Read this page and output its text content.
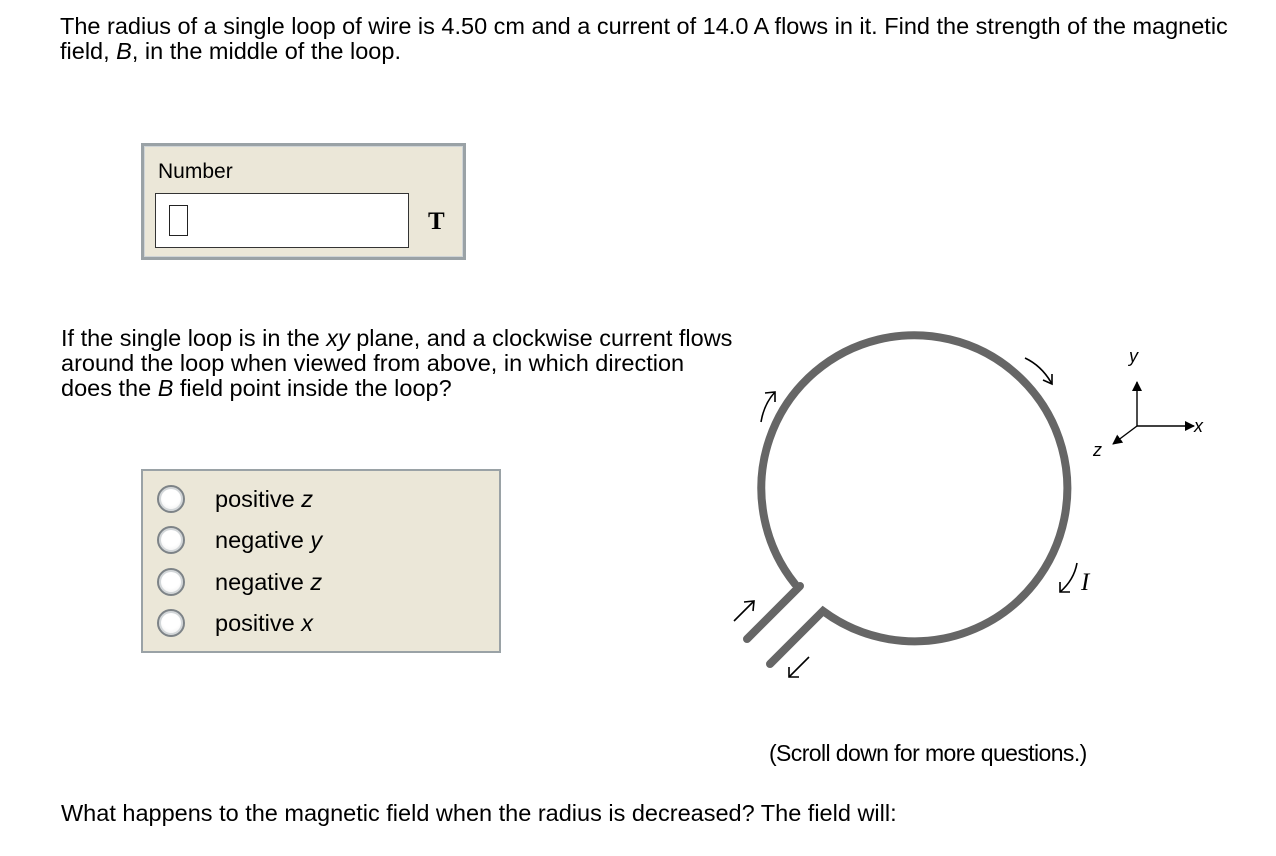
The radius of a single loop of wire is 4.50 cm and a current of 14.0 A flows in it. Find the strength of the magnetic field, B, in the middle of the loop.
Number
T
If the single loop is in the xy plane, and a clockwise current flows around the loop when viewed from above, in which direction does the B field point inside the loop?
positive z
negative y
negative z
positive x
I
y
x
z
(Scroll down for more questions.)
What happens to the magnetic field when the radius is decreased? The field will:
